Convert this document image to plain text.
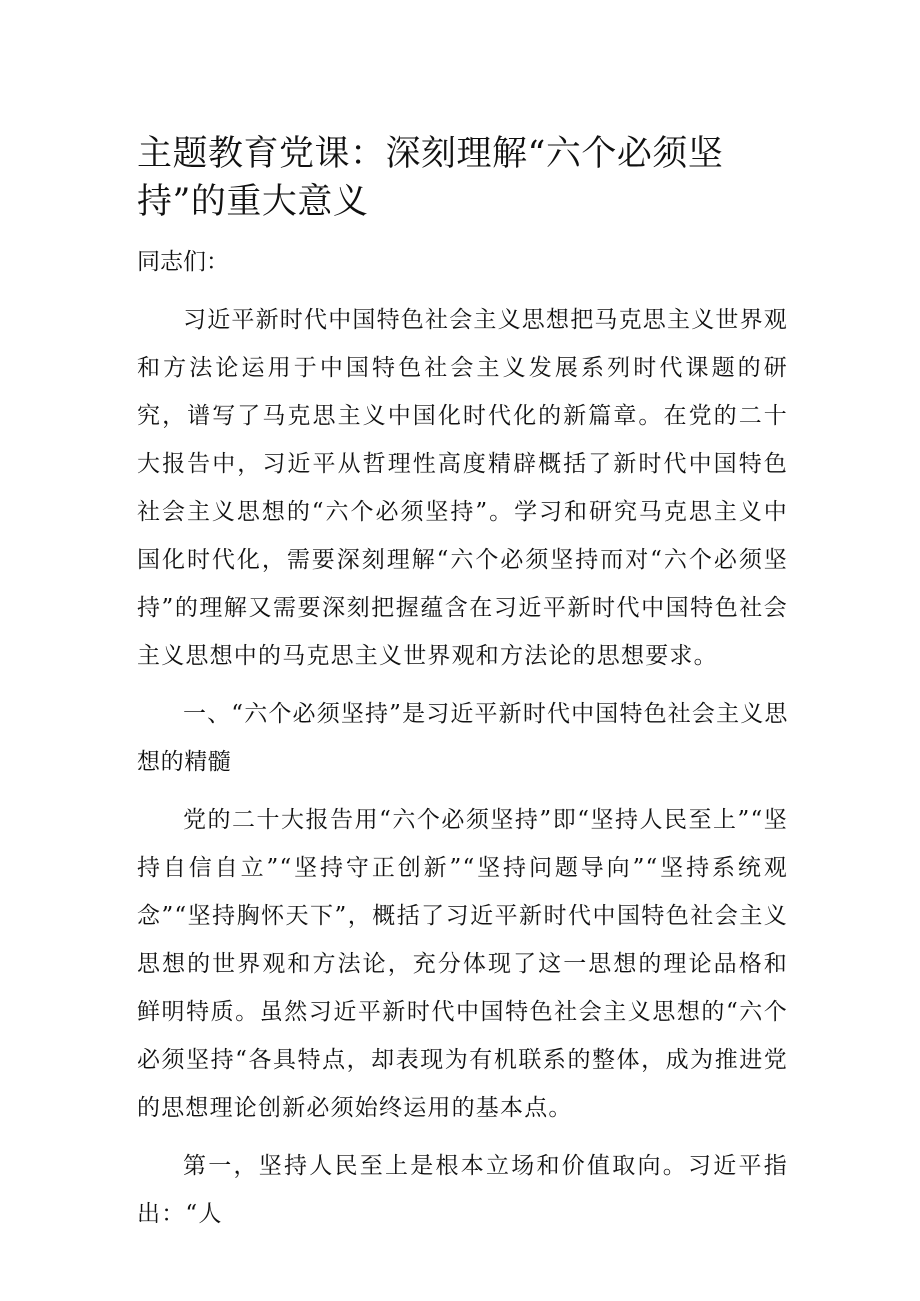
主题教育党课：深刻理解“六个必须坚持”的重大意义

同志们：

习近平新时代中国特色社会主义思想把马克思主义世界观和方法论运用于中国特色社会主义发展系列时代课题的研究，谱写了马克思主义中国化时代化的新篇章。在党的二十大报告中，习近平从哲理性高度精辟概括了新时代中国特色社会主义思想的“六个必须坚持”。学习和研究马克思主义中国化时代化，需要深刻理解“六个必须坚持而对“六个必须坚持”的理解又需要深刻把握蕴含在习近平新时代中国特色社会主义思想中的马克思主义世界观和方法论的思想要求。

一、“六个必须坚持”是习近平新时代中国特色社会主义思想的精髓

党的二十大报告用“六个必须坚持”即“坚持人民至上”“坚持自信自立”“坚持守正创新”“坚持问题导向”“坚持系统观念”“坚持胸怀天下”，概括了习近平新时代中国特色社会主义思想的世界观和方法论，充分体现了这一思想的理论品格和鲜明特质。虽然习近平新时代中国特色社会主义思想的“六个必须坚持“各具特点，却表现为有机联系的整体，成为推进党的思想理论创新必须始终运用的基本点。

第一，坚持人民至上是根本立场和价值取向。习近平指出：“人
